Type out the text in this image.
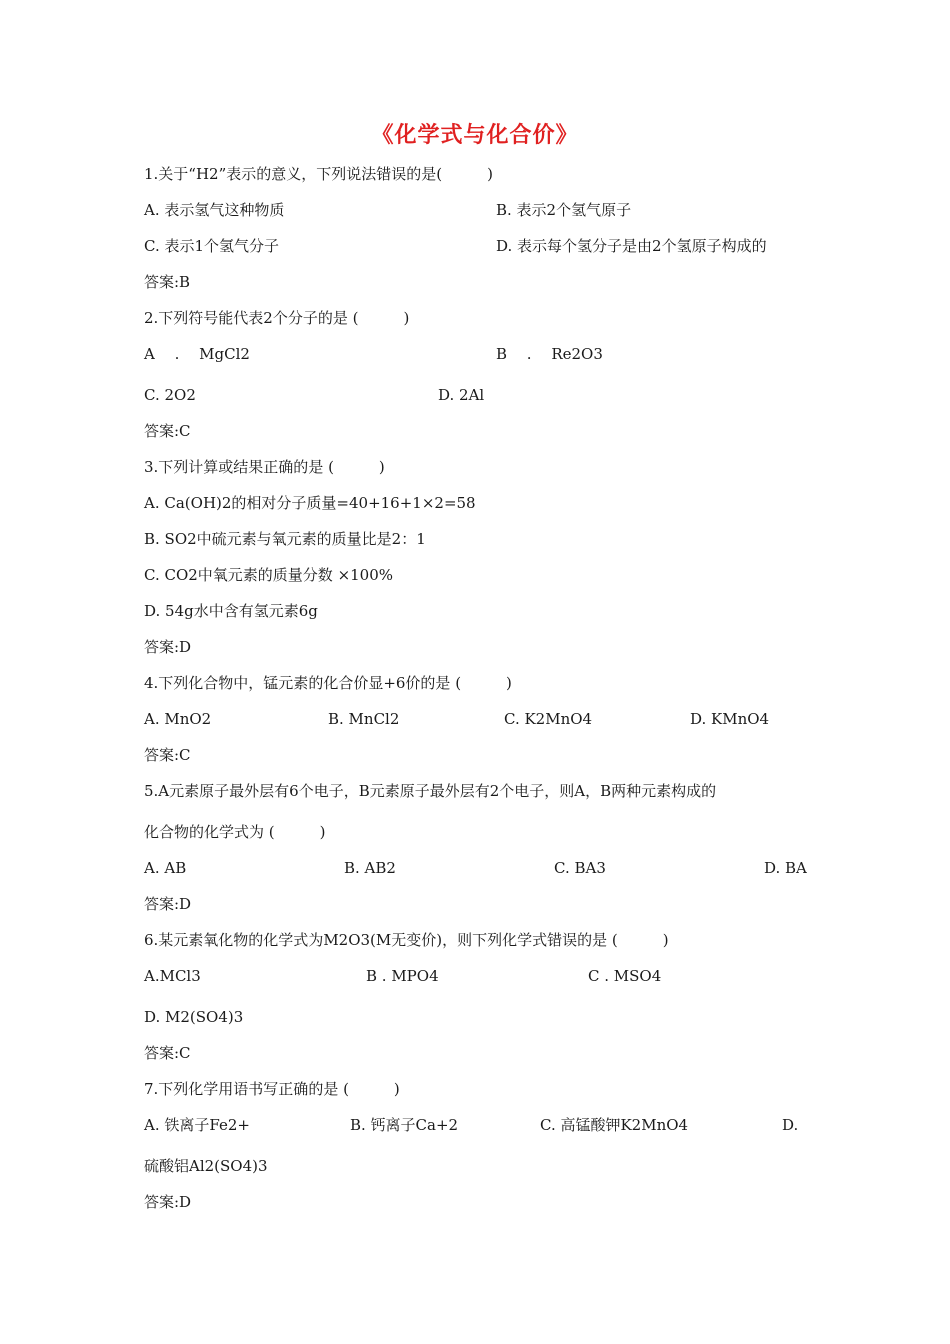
《化学式与化合价》
1.关于“H2”表示的意义，下列说法错误的是(　　　)
A. 表示氢气这种物质	B. 表示2个氢气原子
C. 表示1个氢气分子	D. 表示每个氢分子是由2个氢原子构成的
答案:B
2.下列符号能代表2个分子的是 (　　　)
A　 .　 MgCl2	B　 .　 Re2O3
C. 2O2	D. 2Al
答案:C
3.下列计算或结果正确的是 (　　　)
A. Ca(OH)2的相对分子质量=40+16+1×2=58
B. SO2中硫元素与氧元素的质量比是2：1
C. CO2中氧元素的质量分数 ×100%
D. 54g水中含有氢元素6g
答案:D
4.下列化合物中，锰元素的化合价显+6价的是 (　　　)
A. MnO2	B. MnCl2	C. K2MnO4	D. KMnO4
答案:C
5.A元素原子最外层有6个电子，B元素原子最外层有2个电子，则A，B两种元素构成的
化合物的化学式为 (　　　)
A. AB	B. AB2	C. BA3	D. BA
答案:D
6.某元素氧化物的化学式为M2O3(M无变价)，则下列化学式错误的是 (　　　)
A.MCl3	B . MPO4	C . MSO4
D. M2(SO4)3
答案:C
7.下列化学用语书写正确的是 (　　　)
A. 铁离子Fe2+	B. 钙离子Ca+2	C. 高锰酸钾K2MnO4	D.
硫酸铝Al2(SO4)3
答案:D
